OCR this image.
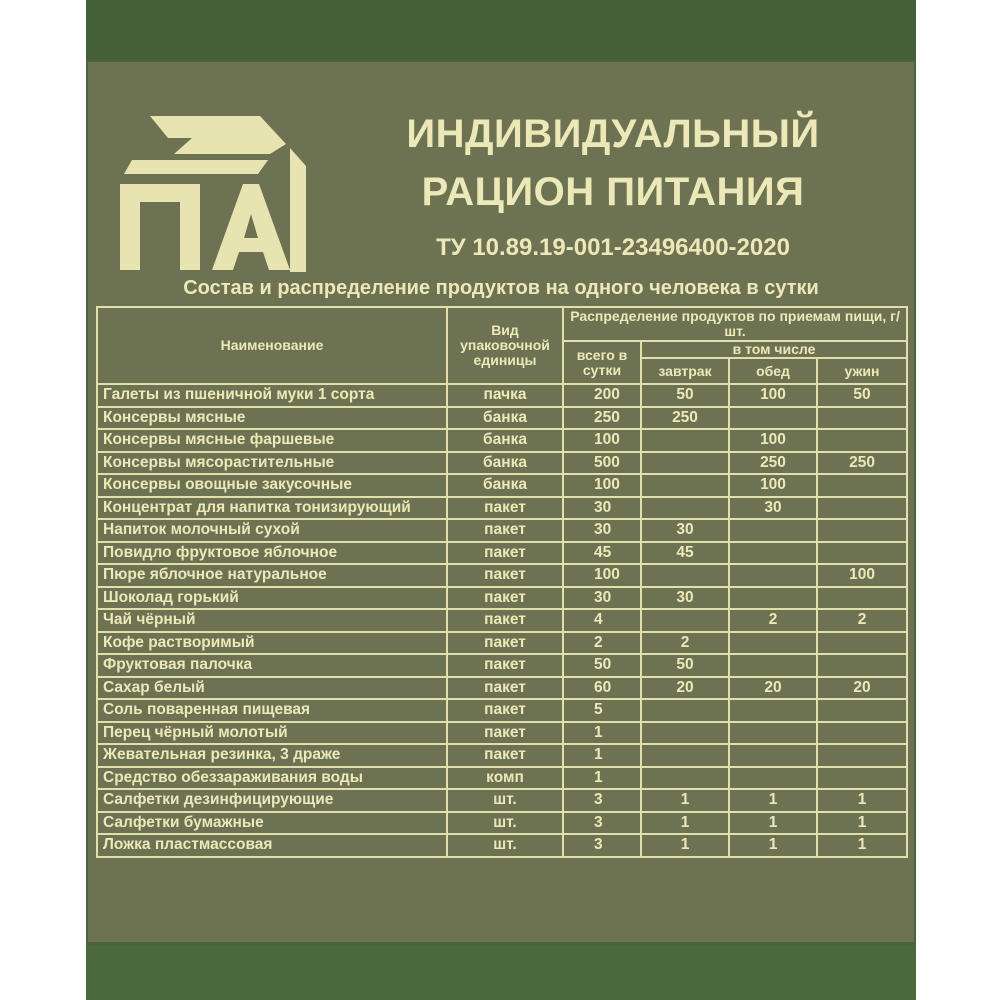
ИНДИВИДУАЛЬНЫЙ
РАЦИОН ПИТАНИЯ
ТУ 10.89.19-001-23496400-2020
Состав и распределение продуктов на одного человека в сутки
Наименование	Вид упаковочной единицы	Распределение продуктов по приемам пищи, г/шт.			
		всего в сутки	в том числе		
			завтрак	обед	ужин
Галеты из пшеничной муки 1 сорта	пачка	200	50	100	50
Консервы мясные	банка	250	250		
Консервы мясные фаршевые	банка	100		100	
Консервы мясорастительные	банка	500		250	250
Консервы овощные закусочные	банка	100		100	
Концентрат для напитка тонизирующий	пакет	30		30	
Напиток молочный сухой	пакет	30	30		
Повидло фруктовое яблочное	пакет	45	45		
Пюре яблочное натуральное	пакет	100			100
Шоколад горький	пакет	30	30		
Чай чёрный	пакет	4		2	2
Кофе растворимый	пакет	2	2		
Фруктовая палочка	пакет	50	50		
Сахар белый	пакет	60	20	20	20
Соль поваренная пищевая	пакет	5			
Перец чёрный молотый	пакет	1			
Жевательная резинка, 3 драже	пакет	1			
Средство обеззараживания воды	комп	1			
Салфетки дезинфицирующие	шт.	3	1	1	1
Салфетки бумажные	шт.	3	1	1	1
Ложка пластмассовая	шт.	3	1	1	1
